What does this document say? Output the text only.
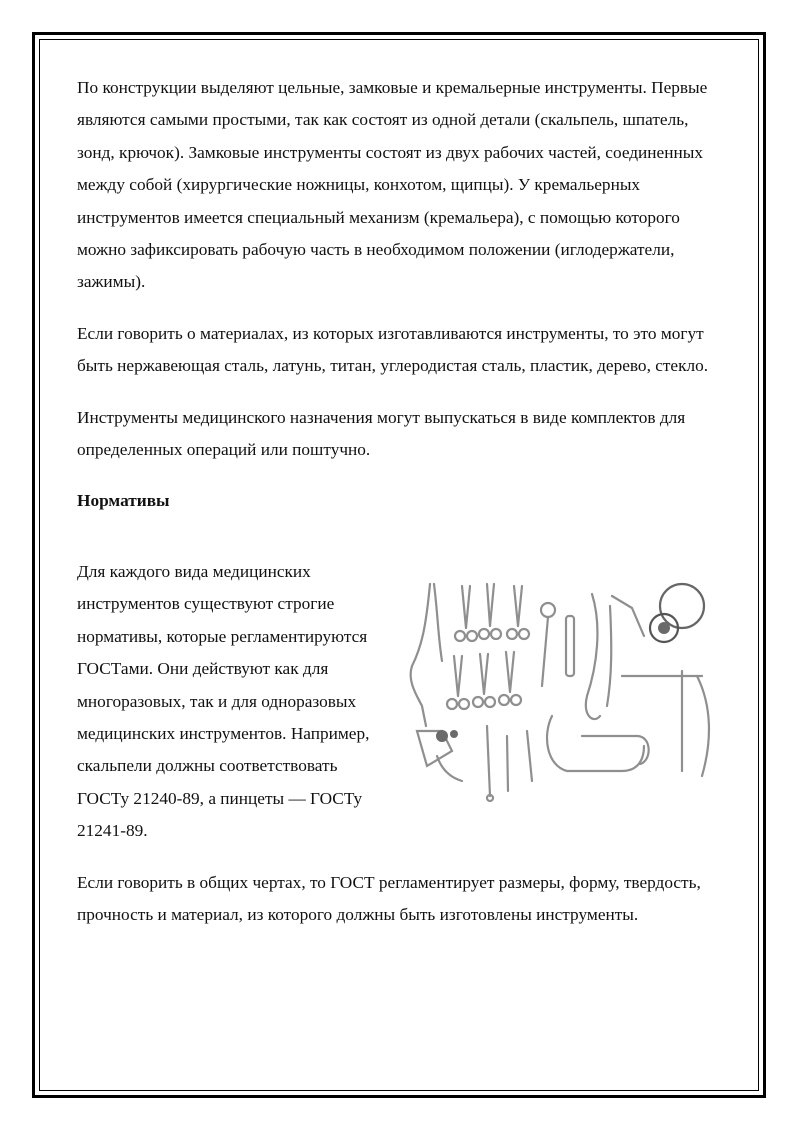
По конструкции выделяют цельные, замковые и кремальерные инструменты. Первые являются самыми простыми, так как состоят из одной детали (скальпель, шпатель, зонд, крючок). Замковые инструменты состоят из двух рабочих частей, соединенных между собой (хирургические ножницы, конхотом, щипцы). У кремальерных инструментов имеется специальный механизм (кремальера), с помощью которого можно зафиксировать рабочую часть в необходимом положении (иглодержатели, зажимы).

Если говорить о материалах, из которых изготавливаются инструменты, то это могут быть нержавеющая сталь, латунь, титан, углеродистая сталь, пластик, дерево, стекло.

Инструменты медицинского назначения могут выпускаться в виде комплектов для определенных операций или поштучно.

Нормативы

Для каждого вида медицинских инструментов существуют строгие нормативы, которые регламентируются ГОСТами. Они действуют как для многоразовых, так и для одноразовых медицинских инструментов. Например, скальпели должны соответствовать ГОСТу 21240-89, а пинцеты — ГОСТу 21241-89.

Если говорить в общих чертах, то ГОСТ регламентирует размеры, форму, твердость, прочность и материал, из которого должны быть изготовлены инструменты.
